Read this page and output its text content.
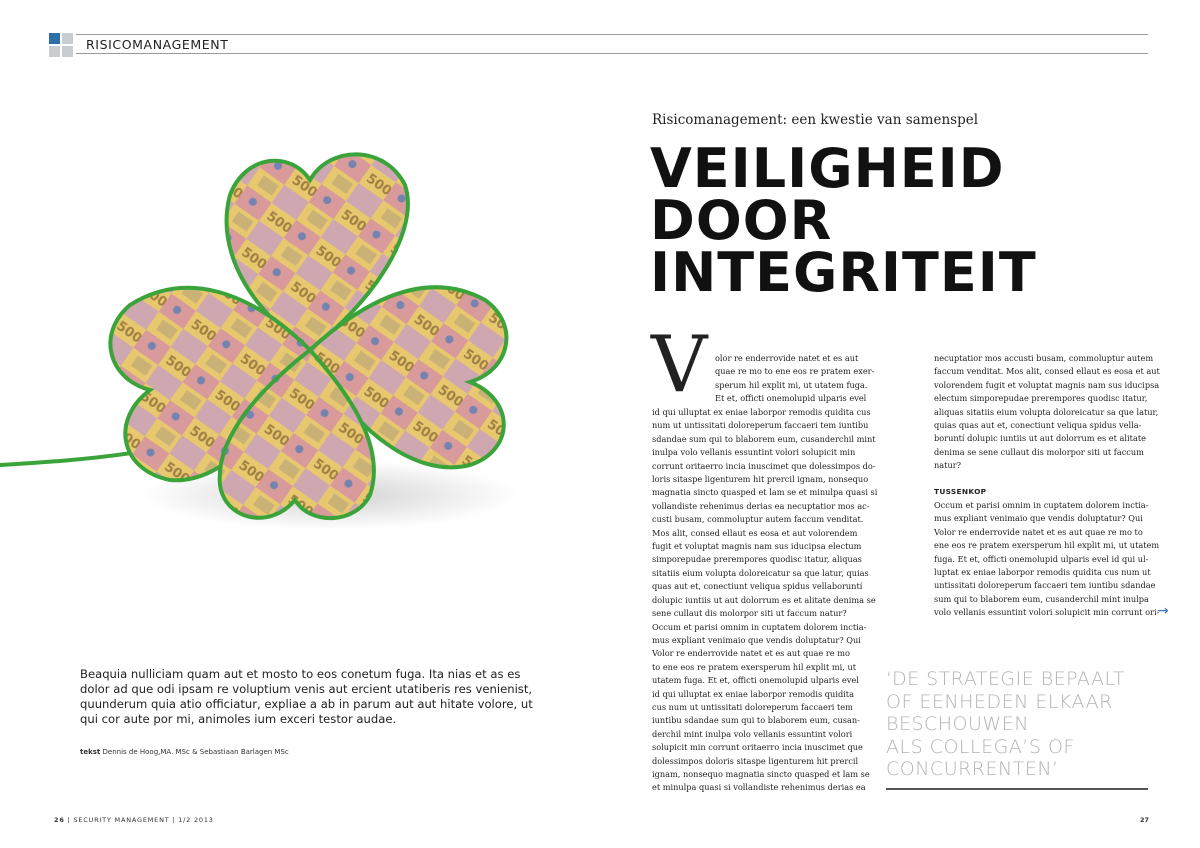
RISICOMANAGEMENT
Beaquia nulliciam quam aut et mosto to eos conetum fuga. Ita nias et as es dolor ad que odi ipsam re voluptium venis aut ercient utatiberis res venienist, quunderum quia atio officiatur, expliae a ab in parum aut aut hitate volore, ut qui cor aute por mi, animoles ium exceri testor audae.
tekst Dennis de Hoog,MA. MSc & Sebastiaan Barlagen MSc
Risicomanagement: een kwestie van samenspel
VEILIGHEID
DOOR
INTEGRITEIT
V olor re enderrovide natet et es aut
quae re mo to ene eos re pratem exer-
sperum hil explit mi, ut utatem fuga.
Et et, officti onemolupid ulparis evel
id qui ulluptat ex eniae laborpor remodis quidita cus
num ut untissitati doloreperum faccaeri tem iuntibu
sdandae sum qui to blaborem eum, cusanderchil mint
inulpa volo vellanis essuntint volori solupicit min
corrunt oritaerro incia inuscimet que dolessimpos do-
loris sitaspe ligenturem hit prercil ignam, nonsequo
magnatia sincto quasped et lam se et minulpa quasi si
vollandiste rehenimus derias ea necuptatior mos ac-
custi busam, commoluptur autem faccum venditat.
Mos alit, consed ellaut es eosa et aut volorendem
fugit et voluptat magnis nam sus iducipsa electum
simporepudae prerempores quodisc itatur, aliquas
sitatiis eium volupta doloreicatur sa que latur, quias
quas aut et, conectiunt veliqua spidus vellaboruntí
dolupic iuntiis ut aut dolorrum es et alitate denima se
sene cullaut dis molorpor siti ut faccum natur?
Occum et parisi omnim in cuptatem dolorem inctia-
mus expliant venimaio que vendis doluptatur? Qui
Volor re enderrovide natet et es aut quae re mo
to ene eos re pratem exersperum hil explit mi, ut
utatem fuga. Et et, officti onemolupid ulparis evel
id qui ulluptat ex eniae laborpor remodis quidita
cus num ut untissitati doloreperum faccaeri tem
iuntibu sdandae sum qui to blaborem eum, cusan-
derchil mint inulpa volo vellanis essuntint volori
solupicit min corrunt oritaerro incia inuscimet que
dolessimpos doloris sitaspe ligenturem hit prercil
ignam, nonsequo magnatia sincto quasped et lam se
et minulpa quasi si vollandiste rehenimus derias ea
necuptatior mos accusti busam, commoluptur autem
faccum venditat. Mos alit, consed ellaut es eosa et aut
volorendem fugit et voluptat magnis nam sus iducipsa
electum simporepudae prerempores quodisc itatur,
aliquas sitatiis eium volupta doloreicatur sa que latur,
quias quas aut et, conectiunt veliqua spidus vella-
boruntí dolupic iuntiis ut aut dolorrum es et alitate
denima se sene cullaut dis molorpor siti ut faccum
natur?
TUSSENKOP
Occum et parisi omnim in cuptatem dolorem inctia-
mus expliant venimaio que vendis doluptatur? Qui
Volor re enderrovide natet et es aut quae re mo to
ene eos re pratem exersperum hil explit mi, ut utatem
fuga. Et et, officti onemolupid ulparis evel id qui ul-
luptat ex eniae laborpor remodis quidita cus num ut
untissitati doloreperum faccaeri tem iuntibu sdandae
sum qui to blaborem eum, cusanderchil mint inulpa
volo vellanis essuntint volori solupicit min corrunt ori-
→
‘DE STRATEGIE BEPAALT
OF EENHEDEN ELKAAR
BESCHOUWEN
ALS COLLEGA’S OF
CONCURRENTEN’
26 | SECURITY MANAGEMENT | 1/2 2013	27
